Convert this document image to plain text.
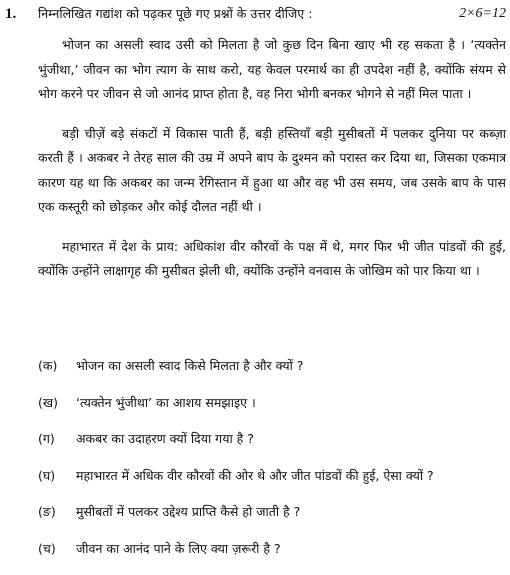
1. निम्नलिखित गद्यांश को पढ़कर पूछे गए प्रश्नों के उत्तर दीजिए :	2×6=12

भोजन का असली स्वाद उसी को मिलता है जो कुछ दिन बिना खाए भी रह सकता है । ‘त्यक्तेन भुंजीथा,’ जीवन का भोग त्याग के साथ करो, यह केवल परमार्थ का ही उपदेश नहीं है, क्योंकि संयम से भोग करने पर जीवन से जो आनंद प्राप्त होता है, वह निरा भोगी बनकर भोगने से नहीं मिल पाता ।

बड़ी चीज़ें बड़े संकटों में विकास पाती हैं, बड़ी हस्तियाँ बड़ी मुसीबतों में पलकर दुनिया पर कब्ज़ा करती हैं । अकबर ने तेरह साल की उम्र में अपने बाप के दुश्मन को परास्त कर दिया था, जिसका एकमात्र कारण यह था कि अकबर का जन्म रेगिस्तान में हुआ था और वह भी उस समय, जब उसके बाप के पास एक कस्तूरी को छोड़कर और कोई दौलत नहीं थी ।

महाभारत में देश के प्राय: अधिकांश वीर कौरवों के पक्ष में थे, मगर फिर भी जीत पांडवों की हुई, क्योंकि उन्होंने लाक्षागृह की मुसीबत झेली थी, क्योंकि उन्होंने वनवास के जोखिम को पार किया था ।

(क)	भोजन का असली स्वाद किसे मिलता है और क्यों ?
(ख)	‘त्यक्तेन भुंजीथा’ का आशय समझाइए ।
(ग)	अकबर का उदाहरण क्यों दिया गया है ?
(घ)	महाभारत में अधिक वीर कौरवों की ओर थे और जीत पांडवों की हुई, ऐसा क्यों ?
(ङ)	मुसीबतों में पलकर उद्देश्य प्राप्ति कैसे हो जाती है ?
(च)	जीवन का आनंद पाने के लिए क्या ज़रूरी है ?
